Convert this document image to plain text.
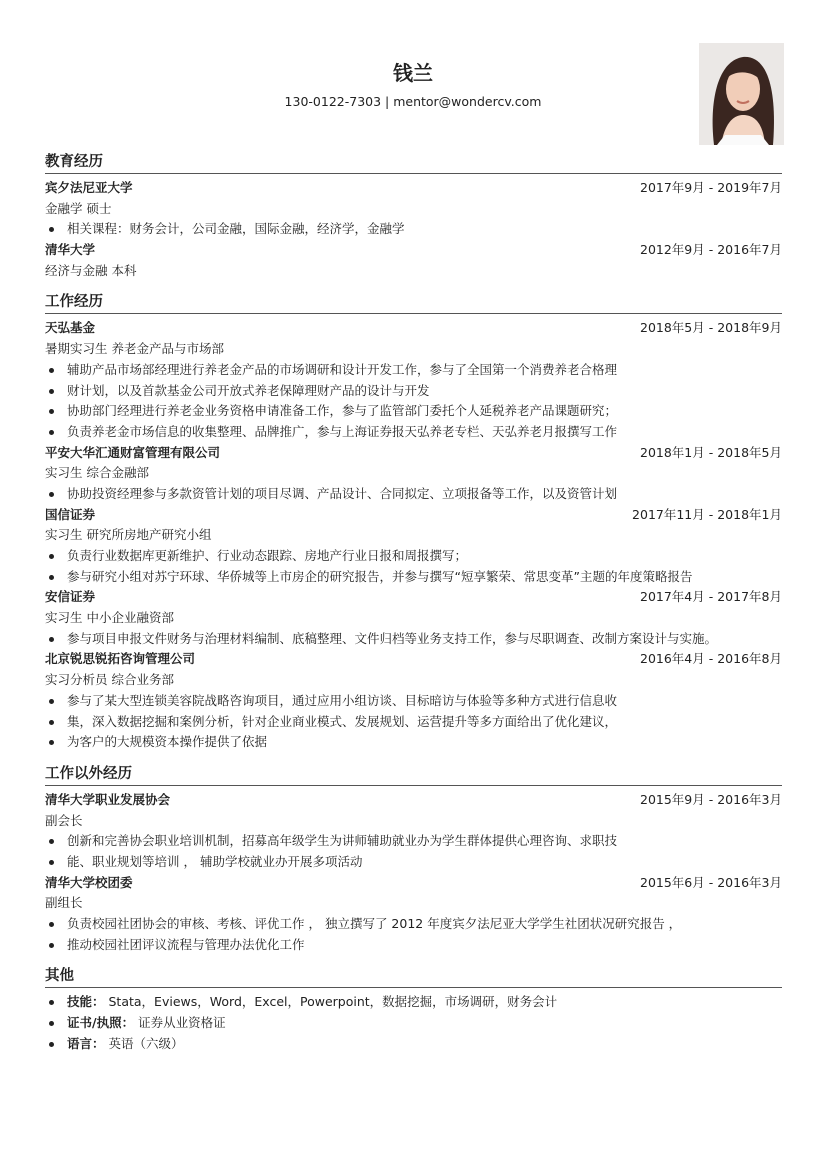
钱兰
130-0122-7303 | mentor@wondercv.com
教育经历
宾夕法尼亚大学	2017年9月 - 2019年7月
金融学 硕士
相关课程：财务会计，公司金融，国际金融，经济学，金融学
清华大学	2012年9月 - 2016年7月
经济与金融 本科
工作经历
天弘基金	2018年5月 - 2018年9月
暑期实习生 养老金产品与市场部
辅助产品市场部经理进行养老金产品的市场调研和设计开发工作，参与了全国第一个消费养老合格理
财计划，以及首款基金公司开放式养老保障理财产品的设计与开发
协助部门经理进行养老金业务资格申请准备工作，参与了监管部门委托个人延税养老产品课题研究；
负责养老金市场信息的收集整理、品牌推广，参与上海证券报天弘养老专栏、天弘养老月报撰写工作
平安大华汇通财富管理有限公司	2018年1月 - 2018年5月
实习生 综合金融部
协助投资经理参与多款资管计划的项目尽调、产品设计、合同拟定、立项报备等工作，以及资管计划
国信证券	2017年11月 - 2018年1月
实习生 研究所房地产研究小组
负责行业数据库更新维护、行业动态跟踪、房地产行业日报和周报撰写；
参与研究小组对苏宁环球、华侨城等上市房企的研究报告，并参与撰写“短享繁荣、常思变革”主题的年度策略报告
安信证券	2017年4月 - 2017年8月
实习生 中小企业融资部
参与项目申报文件财务与治理材料编制、底稿整理、文件归档等业务支持工作，参与尽职调查、改制方案设计与实施。
北京锐思锐拓咨询管理公司	2016年4月 - 2016年8月
实习分析员 综合业务部
参与了某大型连锁美容院战略咨询项目，通过应用小组访谈、目标暗访与体验等多种方式进行信息收
集，深入数据挖掘和案例分析，针对企业商业模式、发展规划、运营提升等多方面给出了优化建议，
为客户的大规模资本操作提供了依据
工作以外经历
清华大学职业发展协会	2015年9月 - 2016年3月
副会长
创新和完善协会职业培训机制，招募高年级学生为讲师辅助就业办为学生群体提供心理咨询、求职技
能、职业规划等培训 ， 辅助学校就业办开展多项活动
清华大学校团委	2015年6月 - 2016年3月
副组长
负责校园社团协会的审核、考核、评优工作 ， 独立撰写了 2012 年度宾夕法尼亚大学学生社团状况研究报告 ，
推动校园社团评议流程与管理办法优化工作
其他
技能： Stata，Eviews，Word，Excel，Powerpoint，数据挖掘，市场调研，财务会计
证书/执照： 证券从业资格证
语言： 英语（六级）
